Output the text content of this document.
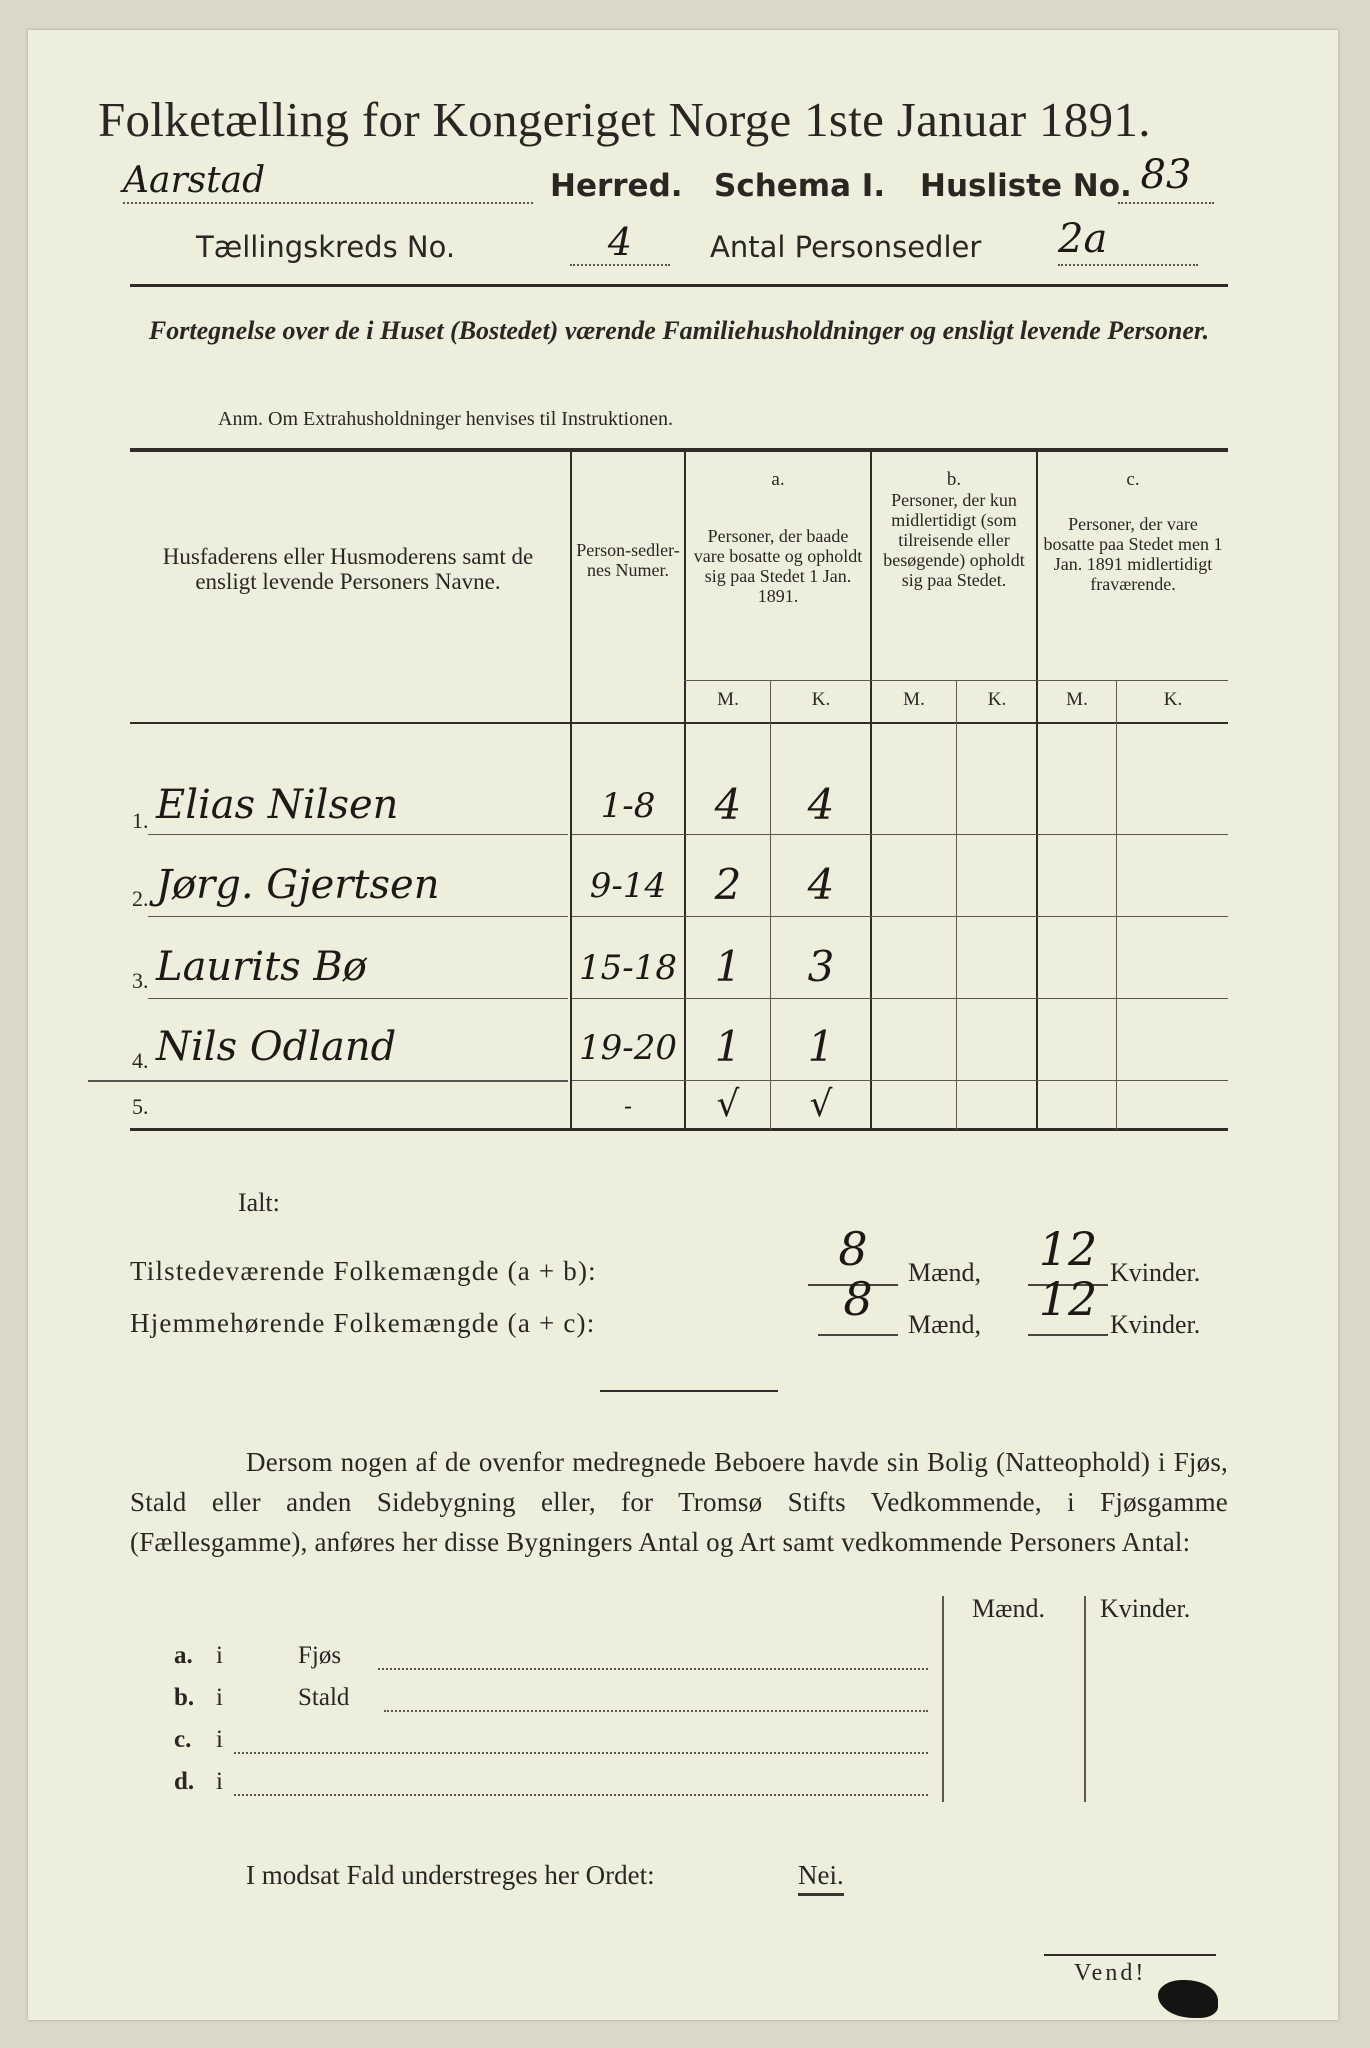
Folketælling for Kongeriget Norge 1ste Januar 1891.
Aarstad	Herred. Schema I. Husliste No. 83
Tællingskreds No.	4	Antal Personsedler 2a
Fortegnelse over de i Huset (Bostedet) værende Familiehusholdninger og ensligt levende Personer.
Anm. Om Extrahusholdninger henvises til Instruktionen.
Husfaderens eller Husmoderens samt de ensligt levende Personers Navne.
Person-sedler-nes Numer.
a.
Personer, der baade vare bosatte og opholdt sig paa Stedet 1 Jan. 1891.
b.
Personer, der kun midlertidigt (som tilreisende eller besøgende) opholdt sig paa Stedet.
c.
Personer, der vare bosatte paa Stedet men 1 Jan. 1891 midlertidigt fraværende.
M.	K.	M.	K.	M.	K.
1. Elias Nilsen	1-8	4	4
2. Jørg. Gjertsen	9-14	2	4
3. Laurits Bø	15-18 1	3
4. Nils Odland	19-20 1	1
5.	-	√	√
Ialt:
Tilstedeværende Folkemængde (a + b):	8	Mænd, 12 Kvinder.
Hjemmehørende Folkemængde (a + c):	8	Mænd, 12 Kvinder.
Dersom nogen af de ovenfor medregnede Beboere havde sin Bolig (Natteophold) i Fjøs, Stald eller anden Sidebygning eller, for Tromsø Stifts Vedkommende, i Fjøsgamme (Fællesgamme), anføres her disse Bygningers Antal og Art samt vedkommende Personers Antal:
Mænd. Kvinder.
a. i	Fjøs
b. i	Stald
c. i
d. i
I modsat Fald understreges her Ordet:	Nei.
Vend!
